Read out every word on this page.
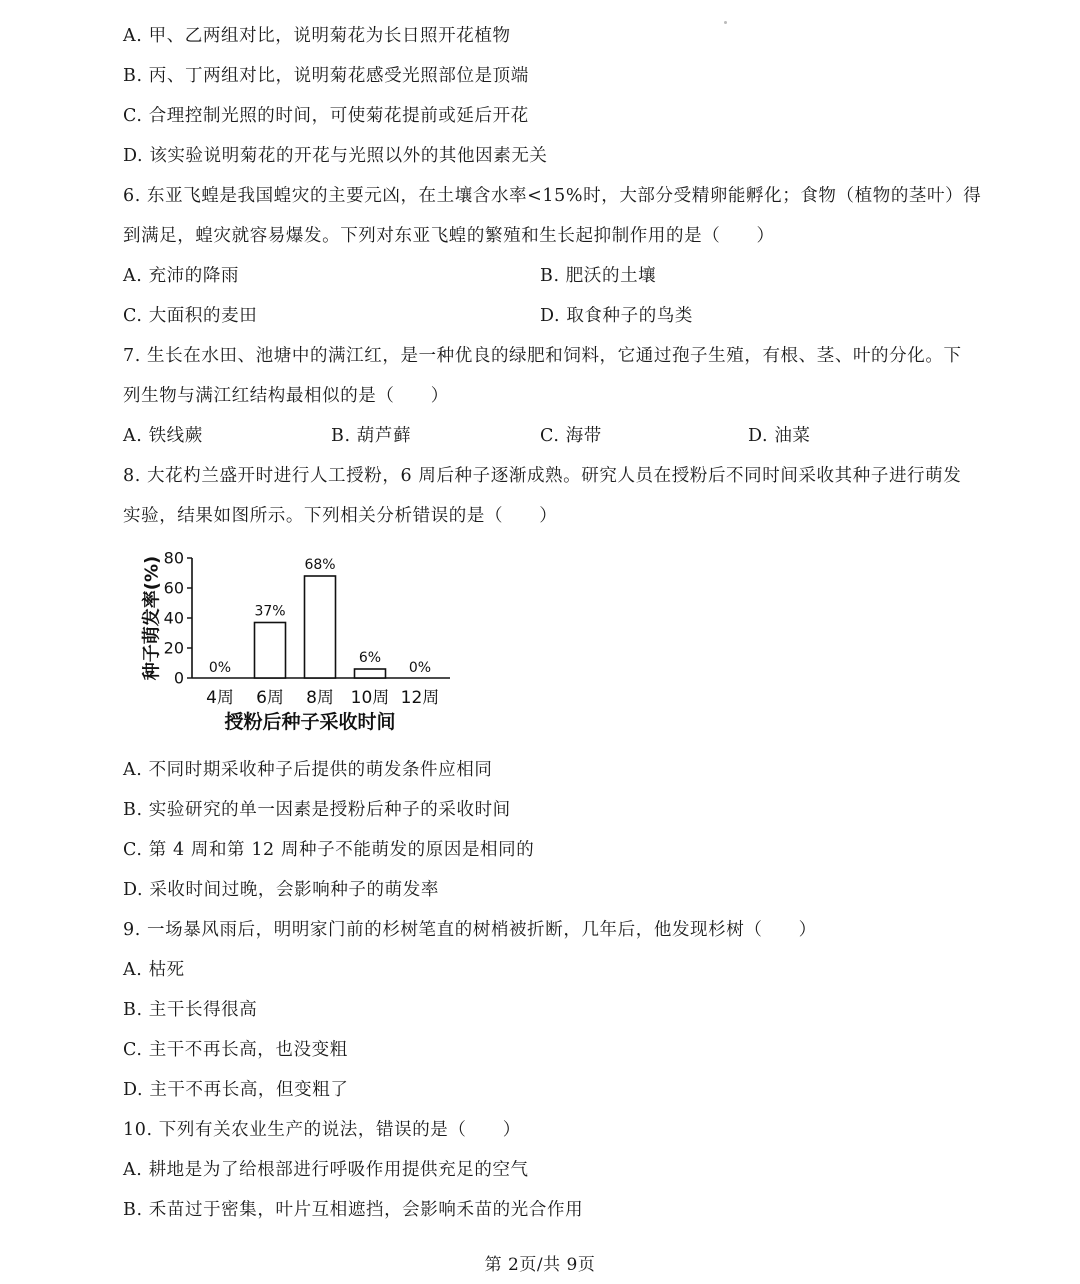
A. 甲、乙两组对比，说明菊花为长日照开花植物
B. 丙、丁两组对比，说明菊花感受光照部位是顶端
C. 合理控制光照的时间，可使菊花提前或延后开花
D. 该实验说明菊花的开花与光照以外的其他因素无关
6. 东亚飞蝗是我国蝗灾的主要元凶，在土壤含水率<15%时，大部分受精卵能孵化；食物（植物的茎叶）得
到满足，蝗灾就容易爆发。下列对东亚飞蝗的繁殖和生长起抑制作用的是（　　）
A. 充沛的降雨	B. 肥沃的土壤
C. 大面积的麦田	D. 取食种子的鸟类
7. 生长在水田、池塘中的满江红，是一种优良的绿肥和饲料，它通过孢子生殖，有根、茎、叶的分化。下
列生物与满江红结构最相似的是（　　）
A. 铁线蕨	B. 葫芦藓	C. 海带	D. 油菜
8. 大花杓兰盛开时进行人工授粉，6 周后种子逐渐成熟。研究人员在授粉后不同时间采收其种子进行萌发
实验，结果如图所示。下列相关分析错误的是（　　）
0
20
40
60
80
0%
37%
68%
6%
0%
4周 6周 8周 10周 12周
种子萌发率(%)
授粉后种子采收时间
A. 不同时期采收种子后提供的萌发条件应相同
B. 实验研究的单一因素是授粉后种子的采收时间
C. 第 4 周和第 12 周种子不能萌发的原因是相同的
D. 采收时间过晚，会影响种子的萌发率
9. 一场暴风雨后，明明家门前的杉树笔直的树梢被折断，几年后，他发现杉树（　　）
A. 枯死
B. 主干长得很高
C. 主干不再长高，也没变粗
D. 主干不再长高，但变粗了
10. 下列有关农业生产的说法，错误的是（　　）
A. 耕地是为了给根部进行呼吸作用提供充足的空气
B. 禾苗过于密集，叶片互相遮挡，会影响禾苗的光合作用
第 2页/共 9页
